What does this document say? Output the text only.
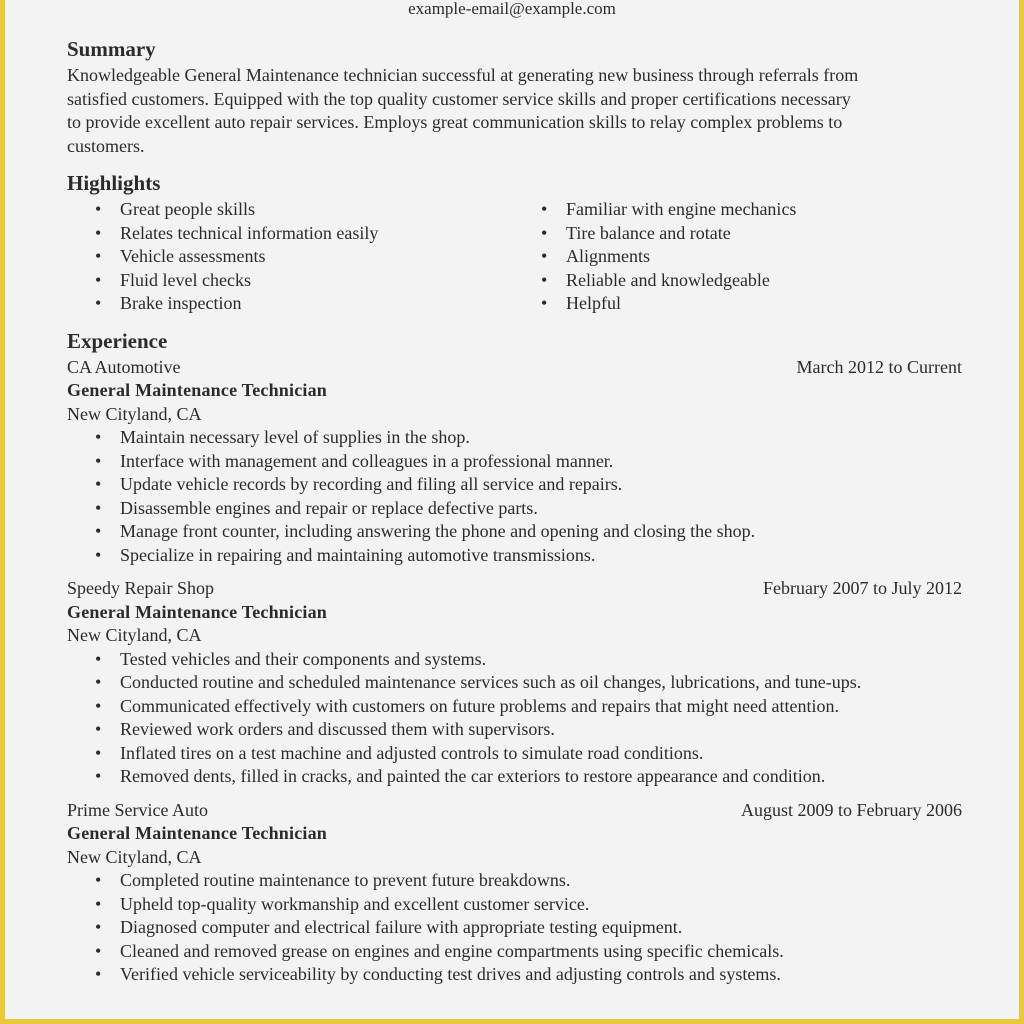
example-email@example.com
Summary

Knowledgeable General Maintenance technician successful at generating new business through referrals from
satisfied customers. Equipped with the top quality customer service skills and proper certifications necessary
to provide excellent auto repair services. Employs great communication skills to relay complex problems to
customers.

Highlights
• Great people skills
• Relates technical information easily
• Vehicle assessments
• Fluid level checks
• Brake inspection
• Familiar with engine mechanics
• Tire balance and rotate
• Alignments
• Reliable and knowledgeable
• Helpful
Experience
CA Automotive	March 2012 to Current
General Maintenance Technician
New Cityland, CA
• Maintain necessary level of supplies in the shop.
• Interface with management and colleagues in a professional manner.
• Update vehicle records by recording and filing all service and repairs.
• Disassemble engines and repair or replace defective parts.
• Manage front counter, including answering the phone and opening and closing the shop.
• Specialize in repairing and maintaining automotive transmissions.
Speedy Repair Shop	February 2007 to July 2012
General Maintenance Technician
New Cityland, CA
• Tested vehicles and their components and systems.
• Conducted routine and scheduled maintenance services such as oil changes, lubrications, and tune-ups.
• Communicated effectively with customers on future problems and repairs that might need attention.
• Reviewed work orders and discussed them with supervisors.
• Inflated tires on a test machine and adjusted controls to simulate road conditions.
• Removed dents, filled in cracks, and painted the car exteriors to restore appearance and condition.
Prime Service Auto	August 2009 to February 2006
General Maintenance Technician
New Cityland, CA
• Completed routine maintenance to prevent future breakdowns.
• Upheld top-quality workmanship and excellent customer service.
• Diagnosed computer and electrical failure with appropriate testing equipment.
• Cleaned and removed grease on engines and engine compartments using specific chemicals.
• Verified vehicle serviceability by conducting test drives and adjusting controls and systems.
